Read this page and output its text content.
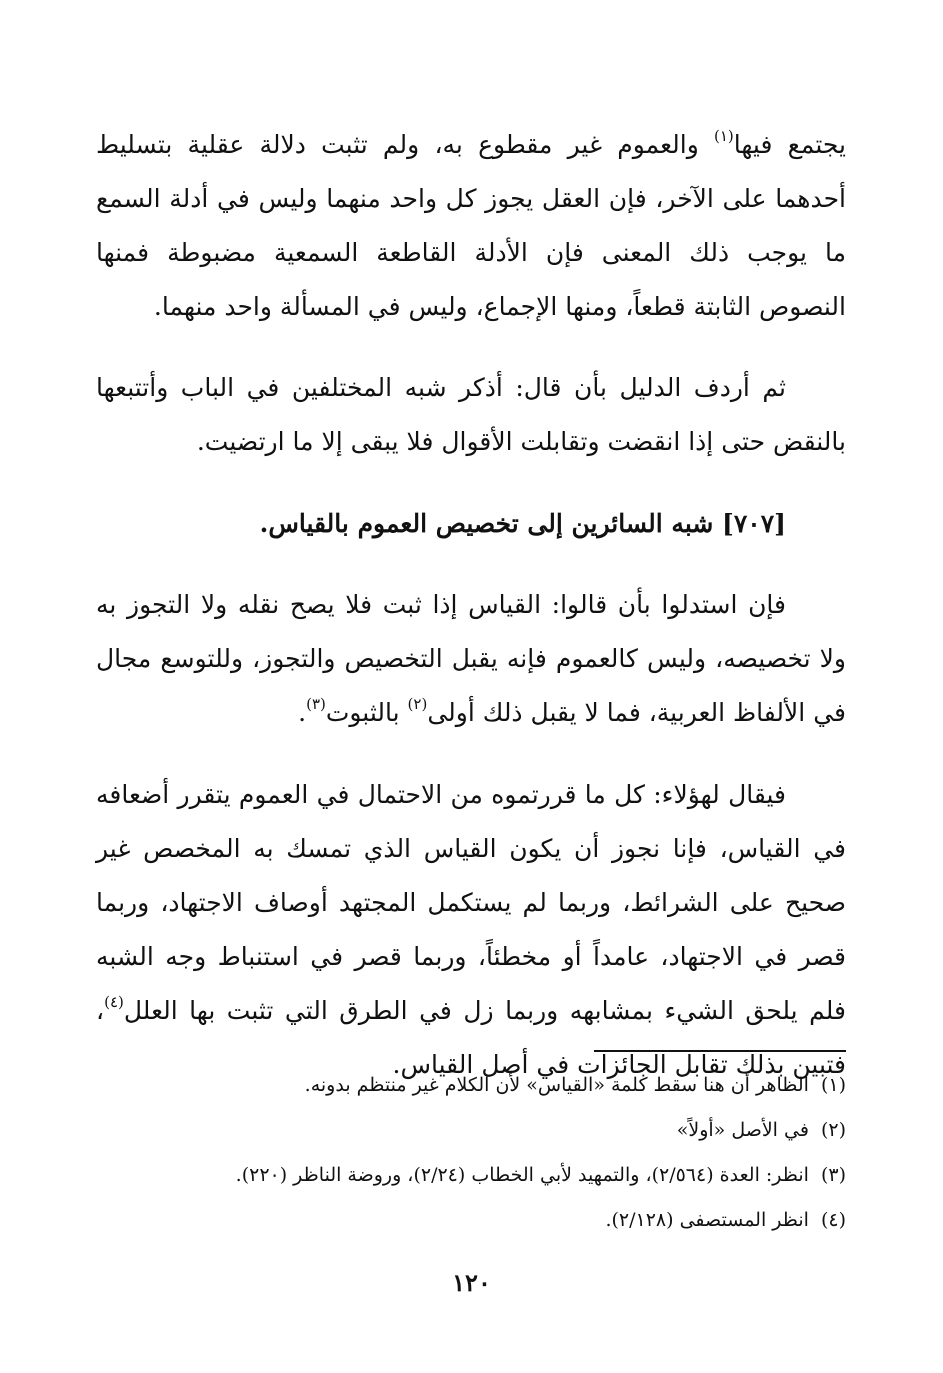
يجتمع فيها$^{(١)}$ والعموم غير مقطوع به، ولم تثبت دلالة عقلية بتسليط أحدهما على الآخر، فإن العقل يجوز كل واحد منهما وليس في أدلة السمع ما يوجب ذلك المعنى فإن الأدلة القاطعة السمعية مضبوطة فمنها النصوص الثابتة قطعاً، ومنها الإجماع، وليس في المسألة واحد منهما.

ثم أردف الدليل بأن قال: أذكر شبه المختلفين في الباب وأتتبعها بالنقض حتى إذا انقضت وتقابلت الأقوال فلا يبقى إلا ما ارتضيت.

[٧٠٧] شبه السائرين إلى تخصيص العموم بالقياس.

فإن استدلوا بأن قالوا: القياس إذا ثبت فلا يصح نقله ولا التجوز به ولا تخصيصه، وليس كالعموم فإنه يقبل التخصيص والتجوز، وللتوسع مجال في الألفاظ العربية، فما لا يقبل ذلك أولى$^{(٢)}$ بالثبوت$^{(٣)}$.

فيقال لهؤلاء: كل ما قررتموه من الاحتمال في العموم يتقرر أضعافه في القياس، فإنا نجوز أن يكون القياس الذي تمسك به المخصص غير صحيح على الشرائط، وربما لم يستكمل المجتهد أوصاف الاجتهاد، وربما قصر في الاجتهاد، عامداً أو مخطئاً، وربما قصر في استنباط وجه الشبه فلم يلحق الشيء بمشابهه وربما زل في الطرق التي تثبت بها العلل$^{(٤)}$، فتبين بذلك تقابل الجائزات في أصل القياس.

(١)الظاهر أن هنا سقط كلمة «القياس» لأن الكلام غير منتظم بدونه.
(٢)في الأصل «أولاً»
(٣)انظر: العدة (٢/٥٦٤)، والتمهيد لأبي الخطاب (٢/٢٤)، وروضة الناظر (٢٢٠).
(٤)انظر المستصفى (٢/١٢٨).
١٢٠
